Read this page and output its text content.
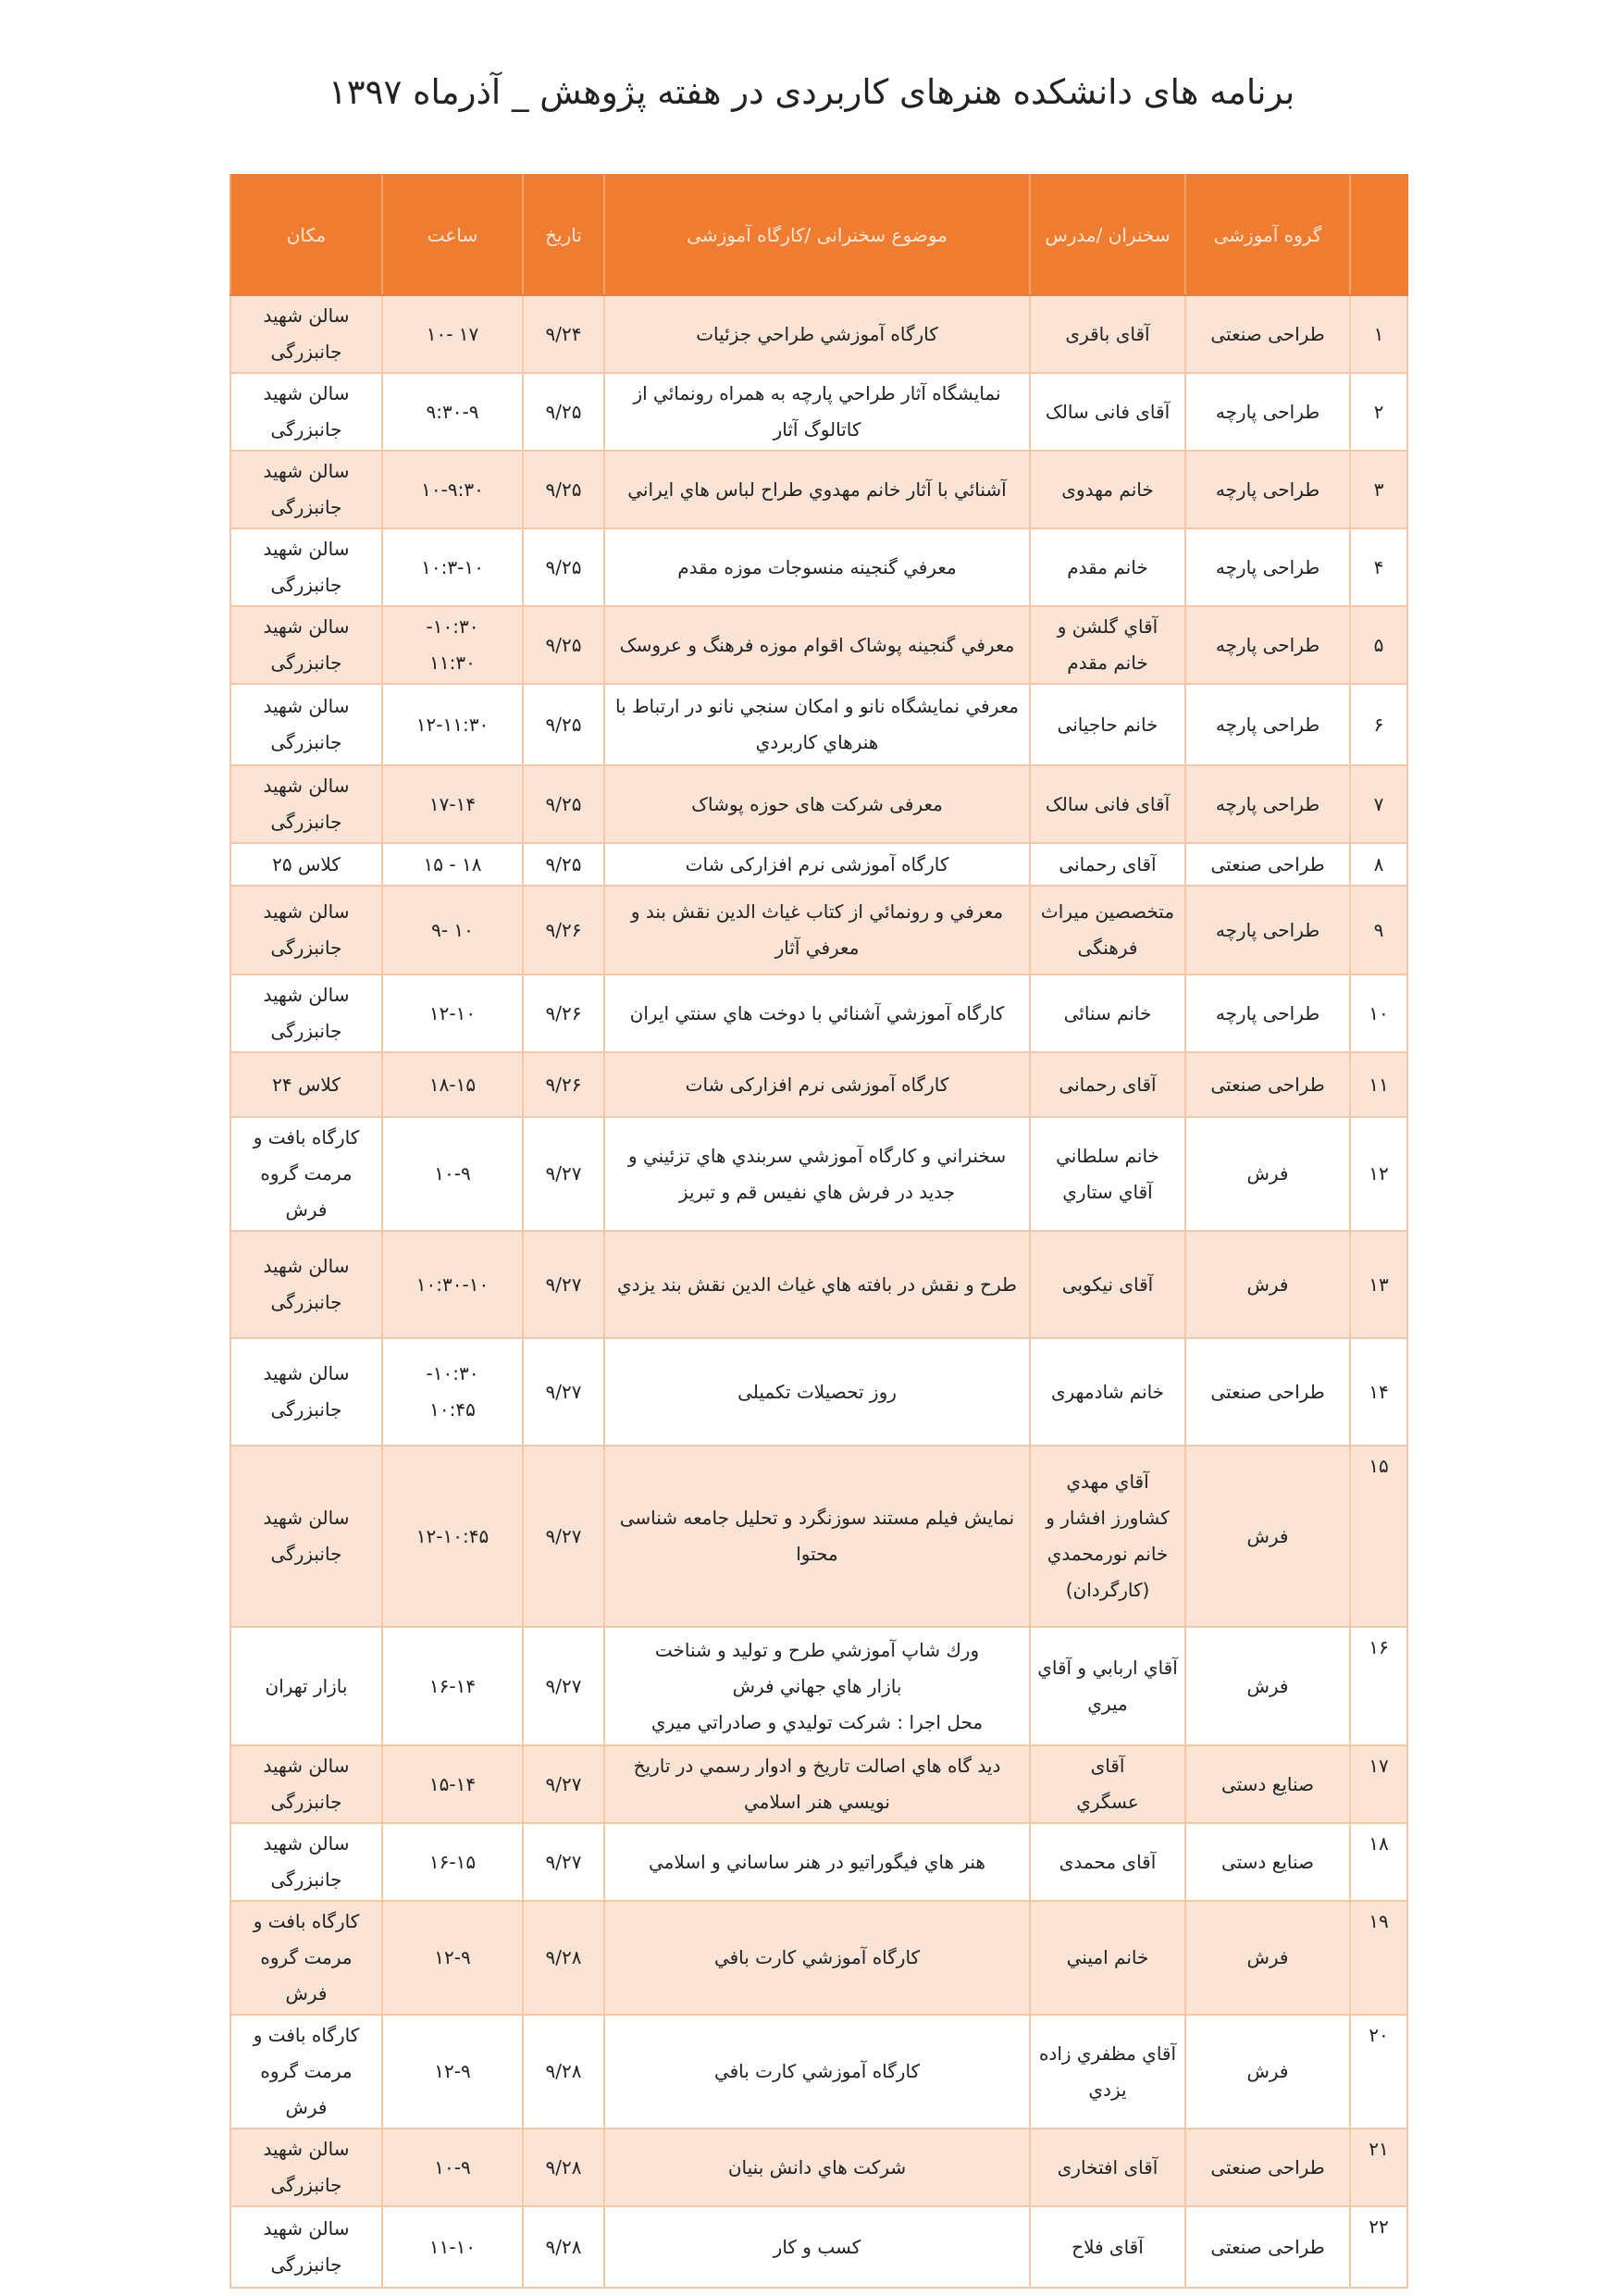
برنامه های دانشکده هنرهای کاربردی در هفته پژوهش _ آذرماه ۱۳۹۷
	گروه آموزشی	سخنران /مدرس	موضوع سخنرانی /کارگاه آموزشی	تاریخ	ساعت	مکان

۱	طراحی صنعتی	آقای باقری	کارگاه آموزشي طراحي جزئيات	۹/۲۴	۱۷ -۱۰	سالن شهید
جانبزرگی

۲	طراحی پارچه	آقای فانی سالک	نمايشگاه آثار طراحي پارچه به همراه رونمائي از
کاتالوگ آثار	۹/۲۵	۹:۳۰-۹	سالن شهید
جانبزرگی

۳	طراحی پارچه	خانم مهدوی	آشنائي با آثار خانم مهدوي طراح لباس هاي ايراني	۹/۲۵	۱۰-۹:۳۰	سالن شهید
جانبزرگی

۴	طراحی پارچه	خانم مقدم	معرفي گنجينه منسوجات موزه مقدم	۹/۲۵	۱۰:۳-۱۰	سالن شهید
جانبزرگی

۵	طراحی پارچه	آقاي گلشن و
خانم مقدم	معرفي گنجينه پوشاک اقوام موزه فرهنگ و عروسک	۹/۲۵	۱۰:۳۰-
۱۱:۳۰	سالن شهید
جانبزرگی

۶	طراحی پارچه	خانم حاجيانی	معرفي نمايشگاه نانو و امکان سنجي نانو در ارتباط با
هنرهاي کاربردي	۹/۲۵	۱۲-۱۱:۳۰	سالن شهید
جانبزرگی

۷	طراحی پارچه	آقای فانی سالک	معرفی شرکت های حوزه پوشاک	۹/۲۵	۱۷-۱۴	سالن شهید
جانبزرگی

۸	طراحی صنعتی	آقای رحمانی	کارگاه آموزشی نرم افزارکی شات	۹/۲۵	۱۸ - ۱۵	کلاس ۲۵

۹	طراحی پارچه	متخصصین میراث
فرهنگی	معرفي و رونمائي از کتاب غياث الدين نقش بند و
معرفي آثار	۹/۲۶	۱۰ -۹	سالن شهید
جانبزرگی

۱۰	طراحی پارچه	خانم سنائی	کارگاه آموزشي آشنائي با دوخت هاي سنتي ايران	۹/۲۶	۱۲-۱۰	سالن شهید
جانبزرگی

۱۱	طراحی صنعتی	آقای رحمانی	کارگاه آموزشی نرم افزارکی شات	۹/۲۶	۱۸-۱۵	کلاس ۲۴

۱۲	فرش	خانم سلطاني
آقاي ستاري	سخنراني و کارگاه آموزشي سربندي هاي تزئيني و
جديد در فرش هاي نفيس قم و تبريز	۹/۲۷	۱۰-۹	کارگاه بافت و
مرمت گروه
فرش

۱۳	فرش	آقای نیکوبی	طرح و نقش در بافته هاي غياث الدين نقش بند يزدي	۹/۲۷	۱۰:۳۰-۱۰	سالن شهید
جانبزرگی

۱۴	طراحی صنعتی	خانم شادمهری	روز تحصیلات تکمیلی	۹/۲۷	۱۰:۳۰-
۱۰:۴۵	سالن شهید
جانبزرگی

۱۵	فرش	آقاي مهدي
کشاورز افشار و
خانم نورمحمدي
(کارگردان)	نمايش فيلم مستند سوزنگرد و تحليل جامعه شناسی
محتوا	۹/۲۷	۱۲-۱۰:۴۵	سالن شهید
جانبزرگی

۱۶	فرش	آقاي اربابي و آقاي
ميري	ورك شاپ آموزشي طرح و توليد و شناخت
بازار هاي جهاني فرش
محل اجرا : شرکت توليدي و صادراتي ميري	۹/۲۷	۱۶-۱۴	بازار تهران

۱۷	صنایع دستی	آقای
عسگري	دید گاه هاي اصالت تاريخ و ادوار رسمي در تاريخ
نويسي هنر اسلامي	۹/۲۷	۱۵-۱۴	سالن شهید
جانبزرگی

۱۸	صنایع دستی	آقای محمدی	هنر هاي فيگوراتيو در هنر ساساني و اسلامي	۹/۲۷	۱۶-۱۵	سالن شهید
جانبزرگی

۱۹	فرش	خانم اميني	کارگاه آموزشي کارت بافي	۹/۲۸	۱۲-۹	کارگاه بافت و
مرمت گروه
فرش

۲۰	فرش	آقاي مظفري زاده
يزدي	کارگاه آموزشي کارت بافي	۹/۲۸	۱۲-۹	کارگاه بافت و
مرمت گروه
فرش

۲۱	طراحی صنعتی	آقای افتخاری	شرکت هاي دانش بنيان	۹/۲۸	۱۰-۹	سالن شهید
جانبزرگی

۲۲	طراحی صنعتی	آقای فلاح	کسب و کار	۹/۲۸	۱۱-۱۰	سالن شهید
جانبزرگی
